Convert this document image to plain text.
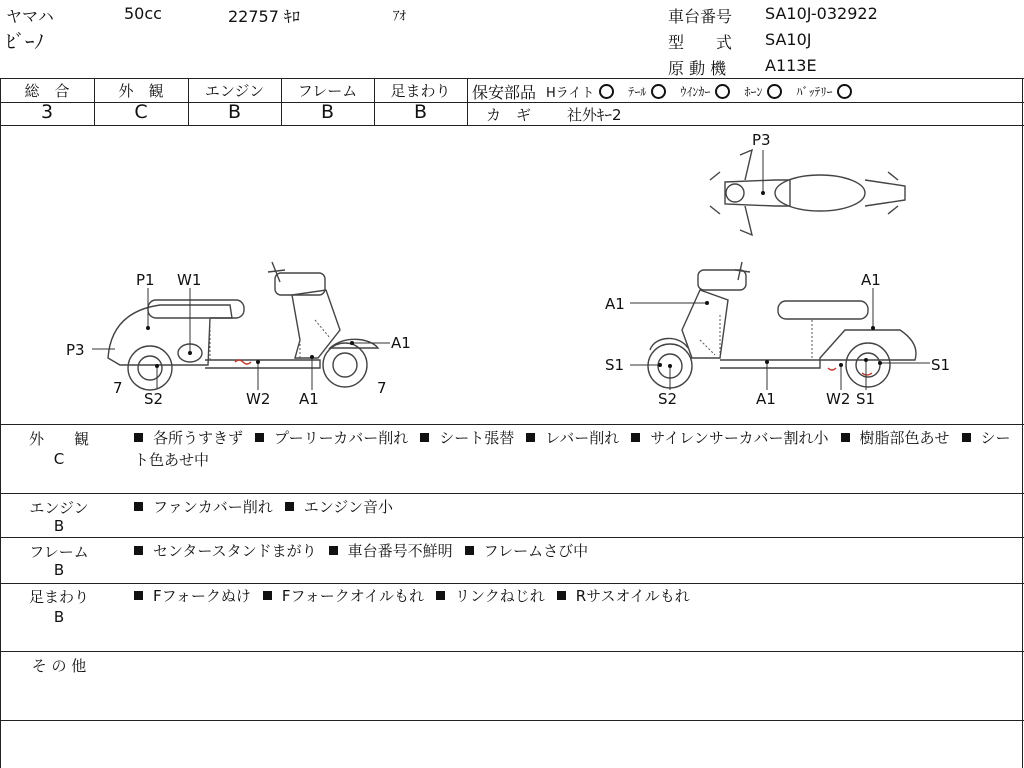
ヤマハ	50cc	22757 ｷﾛ	ｱｵ
ﾋﾞｰﾉ
車台番号 SA10J-032922
型　　式 SA10J
原 動 機 A113E
総　合	外　観	エンジン	フレーム	足まわり
3	C	B	B	B
保安部品 Hライト	ﾃｰﾙ	ｳｲﾝｶｰ	ﾎｰﾝ	ﾊﾞｯﾃﾘｰ
カ　ギ 社外ｷｰ2
P3
P1 W1
P3
7
S2	W2 A1
A1
7
A1
A1
S1	S1
S2	A1	W2 S1
外　　観
C
各所うすきず プーリーカバー削れ シート張替 レバー削れ サイレンサーカバー割れ小 樹脂部色あせ シート色あせ中
エンジン
B
ファンカバー削れ エンジン音小
フレーム
B
センタースタンドまがり 車台番号不鮮明 フレームさび中
足まわり
B
Fフォークぬけ Fフォークオイルもれ リンクねじれ Rサスオイルもれ
そ の 他
